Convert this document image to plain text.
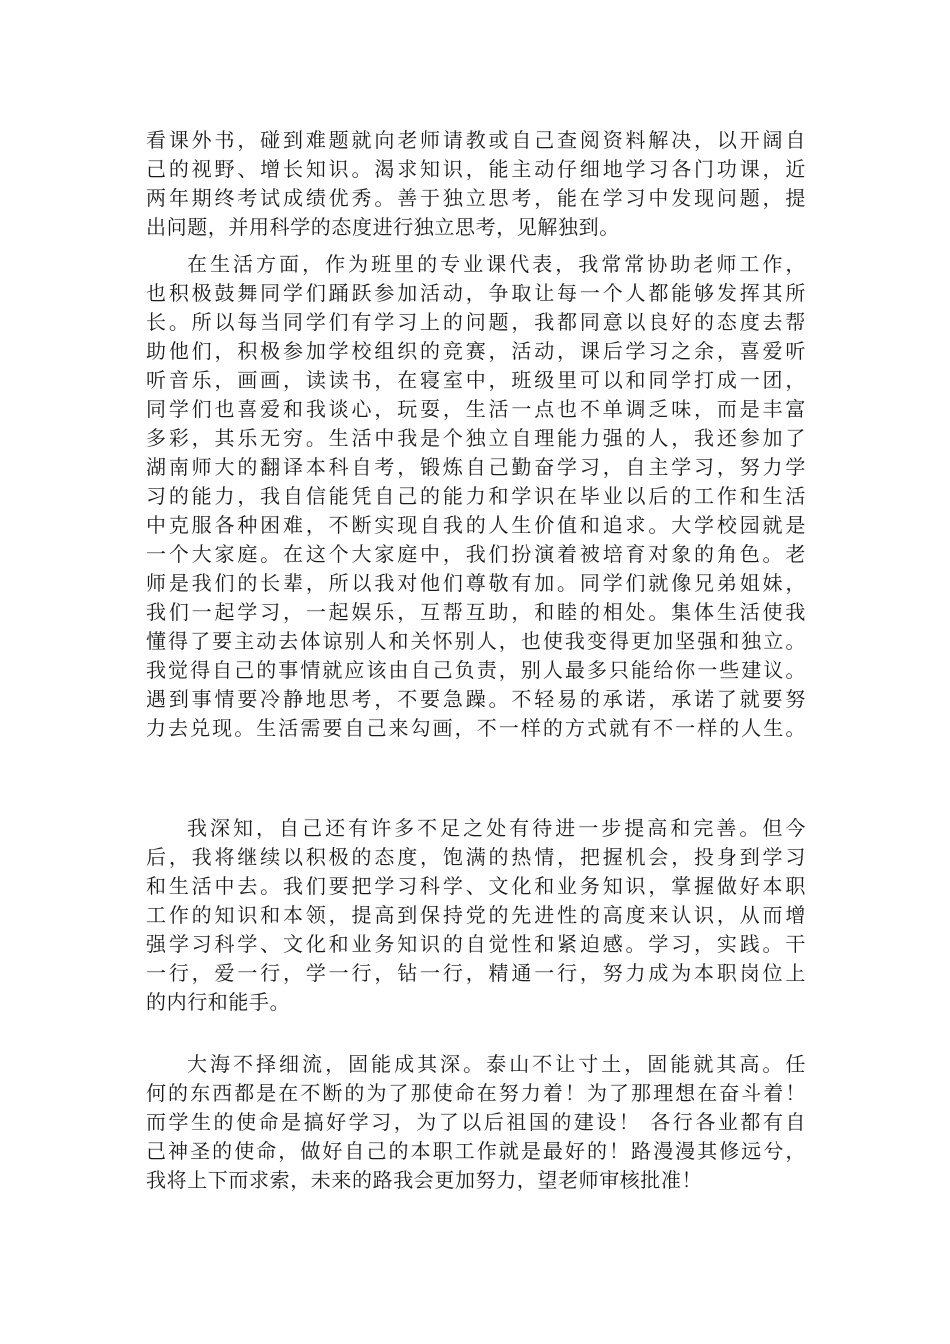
看课外书，碰到难题就向老师请教或自己查阅资料解决，以开阔自
己的视野、增长知识。渴求知识，能主动仔细地学习各门功课，近
两年期终考试成绩优秀。善于独立思考，能在学习中发现问题，提
出问题，并用科学的态度进行独立思考，见解独到。
在生活方面，作为班里的专业课代表，我常常协助老师工作，
也积极鼓舞同学们踊跃参加活动，争取让每一个人都能够发挥其所
长。所以每当同学们有学习上的问题，我都同意以良好的态度去帮
助他们，积极参加学校组织的竞赛，活动，课后学习之余，喜爱听
听音乐，画画，读读书，在寝室中，班级里可以和同学打成一团，
同学们也喜爱和我谈心，玩耍，生活一点也不单调乏味，而是丰富
多彩，其乐无穷。生活中我是个独立自理能力强的人，我还参加了
湖南师大的翻译本科自考，锻炼自己勤奋学习，自主学习，努力学
习的能力，我自信能凭自己的能力和学识在毕业以后的工作和生活
中克服各种困难，不断实现自我的人生价值和追求。大学校园就是
一个大家庭。在这个大家庭中，我们扮演着被培育对象的角色。老
师是我们的长辈，所以我对他们尊敬有加。同学们就像兄弟姐妹，
我们一起学习，一起娱乐，互帮互助，和睦的相处。集体生活使我
懂得了要主动去体谅别人和关怀别人，也使我变得更加坚强和独立。
我觉得自己的事情就应该由自己负责，别人最多只能给你一些建议。
遇到事情要冷静地思考，不要急躁。不轻易的承诺，承诺了就要努
力去兑现。生活需要自己来勾画，不一样的方式就有不一样的人生。
我深知，自己还有许多不足之处有待进一步提高和完善。但今
后，我将继续以积极的态度，饱满的热情，把握机会，投身到学习
和生活中去。我们要把学习科学、文化和业务知识，掌握做好本职
工作的知识和本领，提高到保持党的先进性的高度来认识，从而增
强学习科学、文化和业务知识的自觉性和紧迫感。学习，实践。干
一行，爱一行，学一行，钻一行，精通一行，努力成为本职岗位上
的内行和能手。
大海不择细流，固能成其深。泰山不让寸土，固能就其高。任
何的东西都是在不断的为了那使命在努力着！为了那理想在奋斗着！
而学生的使命是搞好学习，为了以后祖国的建设！ 各行各业都有自
己神圣的使命，做好自己的本职工作就是最好的！路漫漫其修远兮，
我将上下而求索，未来的路我会更加努力，望老师审核批准！
